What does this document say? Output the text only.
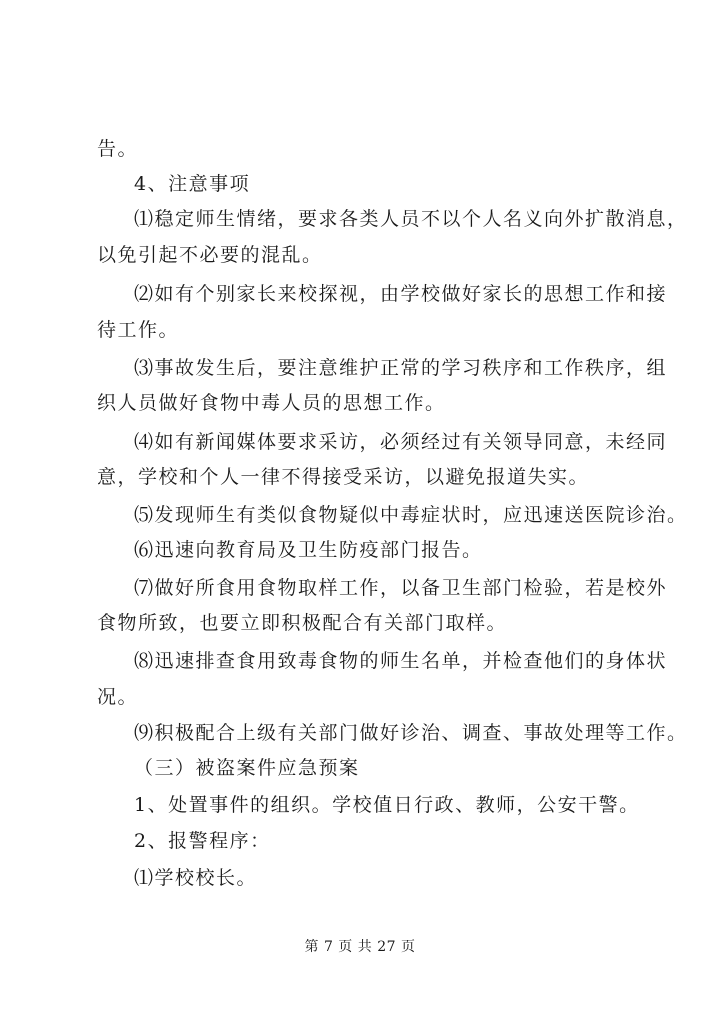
告。
4、注意事项
⑴稳定师生情绪，要求各类人员不以个人名义向外扩散消息，
以免引起不必要的混乱。
⑵如有个别家长来校探视，由学校做好家长的思想工作和接
待工作。
⑶事故发生后，要注意维护正常的学习秩序和工作秩序，组
织人员做好食物中毒人员的思想工作。
⑷如有新闻媒体要求采访，必须经过有关领导同意，未经同
意，学校和个人一律不得接受采访，以避免报道失实。
⑸发现师生有类似食物疑似中毒症状时，应迅速送医院诊治。
⑹迅速向教育局及卫生防疫部门报告。
⑺做好所食用食物取样工作，以备卫生部门检验，若是校外
食物所致，也要立即积极配合有关部门取样。
⑻迅速排查食用致毒食物的师生名单，并检查他们的身体状
况。
⑼积极配合上级有关部门做好诊治、调查、事故处理等工作。
（三）被盗案件应急预案
1、处置事件的组织。学校值日行政、教师，公安干警。
2、报警程序：
⑴学校校长。
第 7 页 共 27 页
